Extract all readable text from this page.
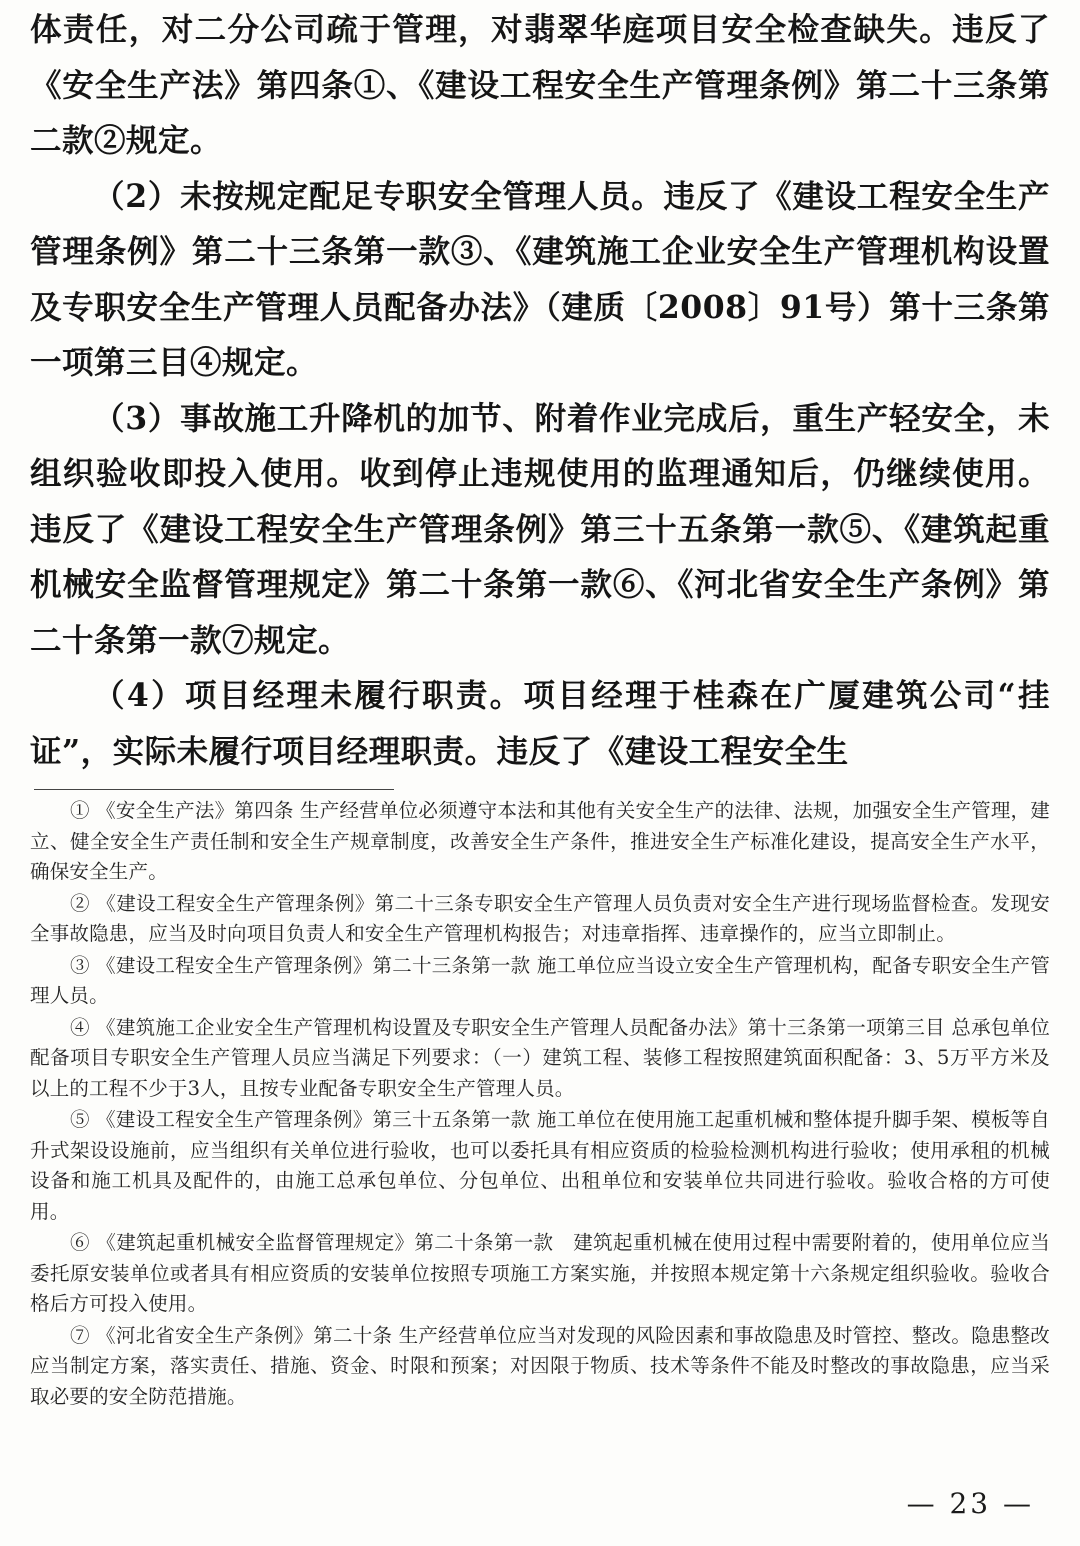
体责任，对二分公司疏于管理，对翡翠华庭项目安全检查缺失。违反了《安全生产法》第四条①、《建设工程安全生产管理条例》第二十三条第二款②规定。

（2）未按规定配足专职安全管理人员。违反了《建设工程安全生产管理条例》第二十三条第一款③、《建筑施工企业安全生产管理机构设置及专职安全生产管理人员配备办法》（建质〔2008〕91号）第十三条第一项第三目④规定。

（3）事故施工升降机的加节、附着作业完成后，重生产轻安全，未组织验收即投入使用。收到停止违规使用的监理通知后，仍继续使用。违反了《建设工程安全生产管理条例》第三十五条第一款⑤、《建筑起重机械安全监督管理规定》第二十条第一款⑥、《河北省安全生产条例》第二十条第一款⑦规定。

（4）项目经理未履行职责。项目经理于桂森在广厦建筑公司“挂证”，实际未履行项目经理职责。违反了《建设工程安全生

① 《安全生产法》第四条 生产经营单位必须遵守本法和其他有关安全生产的法律、法规，加强安全生产管理，建立、健全安全生产责任制和安全生产规章制度，改善安全生产条件，推进安全生产标准化建设，提高安全生产水平，确保安全生产。

② 《建设工程安全生产管理条例》第二十三条专职安全生产管理人员负责对安全生产进行现场监督检查。发现安全事故隐患，应当及时向项目负责人和安全生产管理机构报告；对违章指挥、违章操作的，应当立即制止。

③ 《建设工程安全生产管理条例》第二十三条第一款 施工单位应当设立安全生产管理机构，配备专职安全生产管理人员。

④ 《建筑施工企业安全生产管理机构设置及专职安全生产管理人员配备办法》第十三条第一项第三目 总承包单位配备项目专职安全生产管理人员应当满足下列要求：（一）建筑工程、装修工程按照建筑面积配备：3、5万平方米及以上的工程不少于3人，且按专业配备专职安全生产管理人员。

⑤ 《建设工程安全生产管理条例》第三十五条第一款 施工单位在使用施工起重机械和整体提升脚手架、模板等自升式架设设施前，应当组织有关单位进行验收，也可以委托具有相应资质的检验检测机构进行验收；使用承租的机械设备和施工机具及配件的，由施工总承包单位、分包单位、出租单位和安装单位共同进行验收。验收合格的方可使用。

⑥ 《建筑起重机械安全监督管理规定》第二十条第一款　建筑起重机械在使用过程中需要附着的，使用单位应当委托原安装单位或者具有相应资质的安装单位按照专项施工方案实施，并按照本规定第十六条规定组织验收。验收合格后方可投入使用。

⑦ 《河北省安全生产条例》第二十条 生产经营单位应当对发现的风险因素和事故隐患及时管控、整改。隐患整改应当制定方案，落实责任、措施、资金、时限和预案；对因限于物质、技术等条件不能及时整改的事故隐患，应当采取必要的安全防范措施。

— 23 —
